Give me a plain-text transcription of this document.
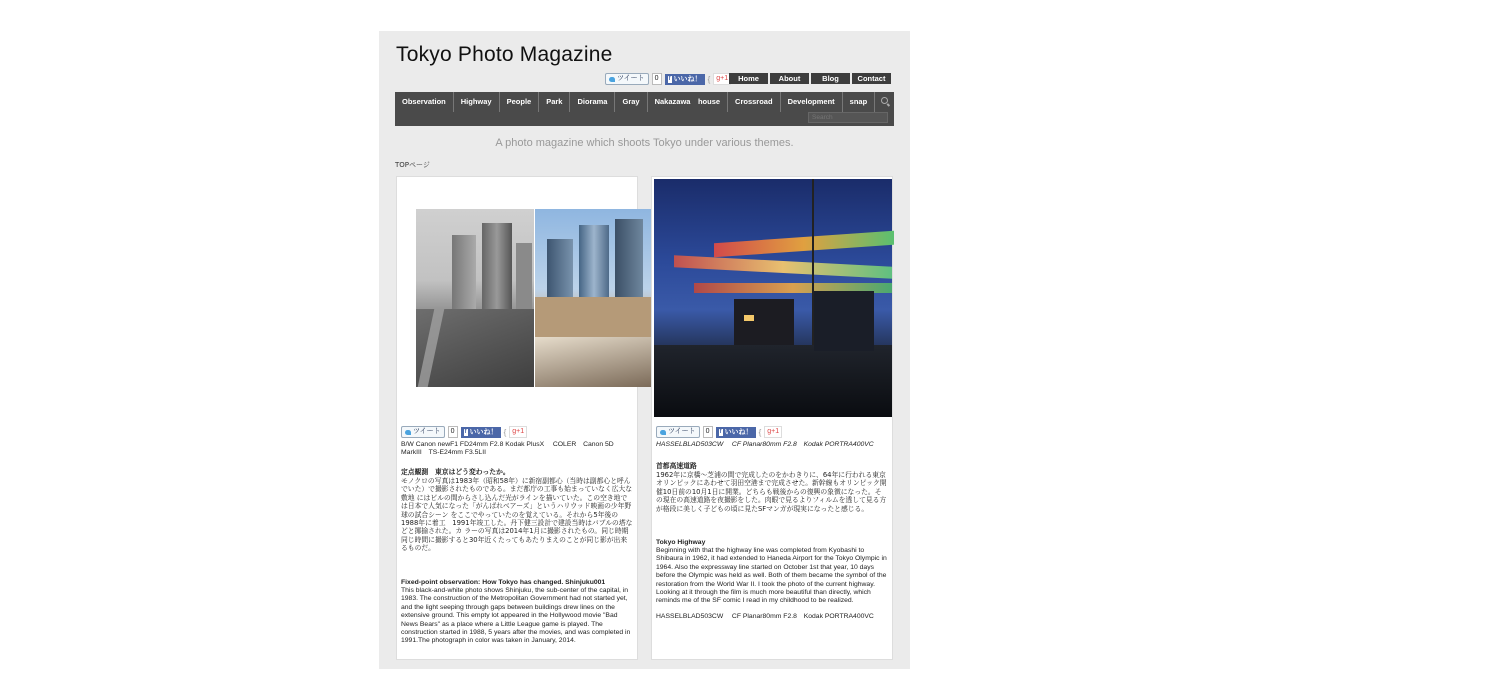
Tokyo Photo Magazine
ツイート	0	f いいね！ { g+1	Home	About	Blog	Contact
Observation	Highway	People	Park	Diorama	Gray	Nakazawa　house	Crossroad	Development	snap
Search
A photo magazine which shoots Tokyo under various themes.
TOPページ
ツイート	0	f いいね！ { g+1
B/W Canon newF1 FD24mm F2.8 Kodak PlusX　 COLER　Canon 5D MarkIII　TS-E24mm F3.5LII
定点観測　東京はどう変わったか。
モノクロの写真は1983年（昭和58年）に新宿副都心（当時は副都心と呼んでいた）で撮影されたものである。まだ都庁の工事も始まっていなく広大な敷地 にはビルの間からさし込んだ光がラインを描いていた。この空き地では日本で人気になった「がんばれベアーズ」というハリウッド映画の少年野球の試合シーン をここでやっていたのを覚えている。それから5年後の1988年に着工　1991年竣工した。丹下健三設計で建設当時はバブルの塔などと揶揄された。カ ラーの写真は2014年1月に撮影されたもの。同じ時期　同じ時間に撮影すると30年近くたってもあたりまえのことが同じ影が出来るものだ。
Fixed-point observation: How Tokyo has changed. Shinjuku001
This black-and-white photo shows Shinjuku, the sub-center of the capital, in 1983. The construction of the Metropolitan Government had not started yet, and the light seeping through gaps between buildings drew lines on the extensive ground. This empty lot appeared in the Hollywood movie "Bad News Bears" as a place where a Little League game is played. The construction started in 1988, 5 years after the movies, and was completed in 1991.The photograph in color was taken in January, 2014.
ツイート	0	f いいね！ { g+1
HASSELBLAD503CW　 CF Planar80mm F2.8　Kodak PORTRA400VC
首都高速道路
1962年に京橋～芝浦の間で完成したのをかわきりに、64年に行われる東京オリンピックにあわせて羽田空港まで完成させた。新幹線もオリンピック開催10日前の10月1日に開業。どちらも戦後からの復興の象徴になった。その現在の高速道路を夜撮影をした。肉眼で見るよりフィルムを透して見る方が格段に美しく子どもの頃に見たSFマンガが現実になったと感じる。
Tokyo Highway
Beginning with that the highway line was completed from Kyobashi to Shibaura in 1962, it had extended to Haneda Airport for the Tokyo Olympic in 1964. Also the expressway line started on October 1st that year, 10 days before the Olympic was held as well. Both of them became the symbol of the restoration from the World War II. I took the photo of the current highway. Looking at it through the film is much more beautiful than directly, which reminds me of the SF comic I read in my childhood to be realized.
HASSELBLAD503CW　 CF Planar80mm F2.8　Kodak PORTRA400VC
